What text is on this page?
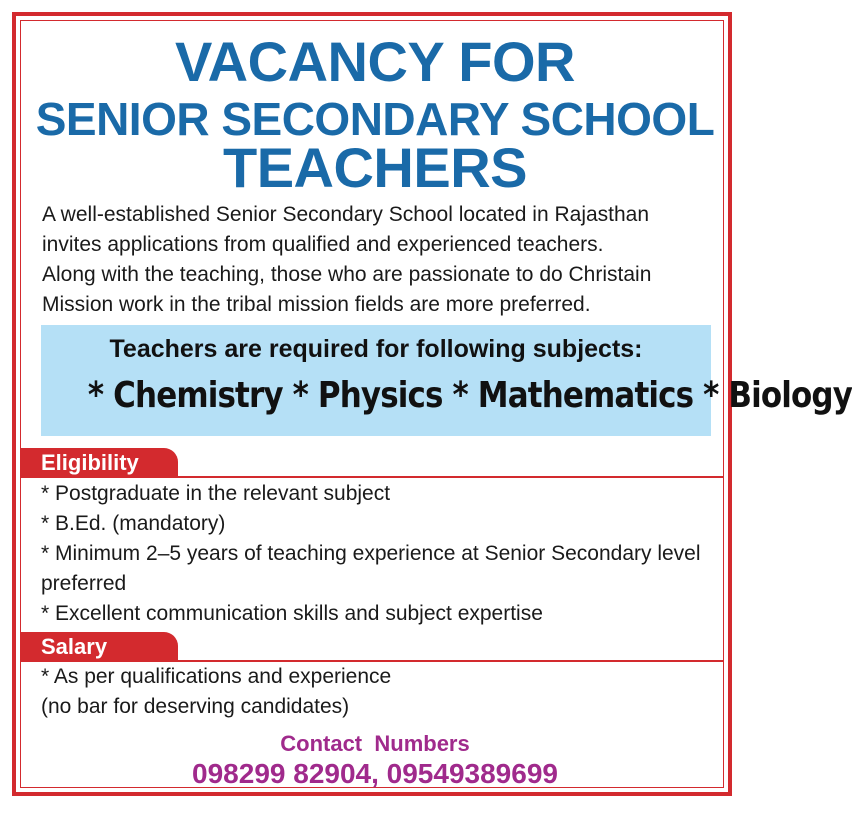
VACANCY FOR
SENIOR SECONDARY SCHOOL
TEACHERS
A well-established Senior Secondary School located in Rajasthan
invites applications from qualified and experienced teachers.
Along with the teaching, those who are passionate to do Christain
Mission work in the tribal mission fields are more preferred.
Teachers are required for following subjects:
* Chemistry * Physics * Mathematics * Biology
Eligibility
* Postgraduate in the relevant subject
* B.Ed. (mandatory)
* Minimum 2–5 years of teaching experience at Senior Secondary level preferred
* Excellent communication skills and subject expertise
Salary
* As per qualifications and experience
(no bar for deserving candidates)
Contact  Numbers
098299 82904, 09549389699
